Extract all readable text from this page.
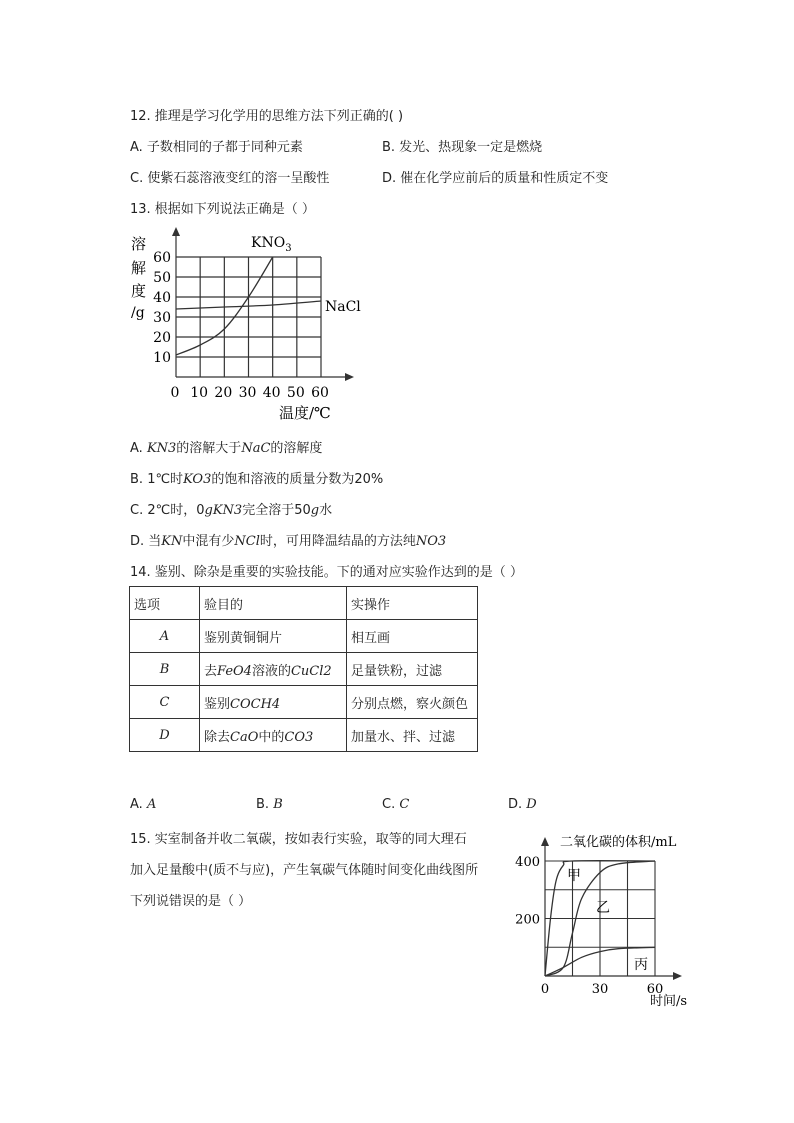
12. 推理是学习化学用的思维方法下列正确的( )
A. 子数相同的子都于同种元素	B. 发光、热现象一定是燃烧
C. 使紫石蕊溶液变红的溶一呈酸性	D. 催在化学应前后的质量和性质定不变
13. 根据如下列说法正确是（ ）
溶
解
度
/g
60
50
40
30
20
10
0 10 20 30 40 50 60
$KNO_3$
NaCl
温度/℃
A. KN3的溶解大于NaC的溶解度
B. 1℃时KO3的饱和溶液的质量分数为20%
C. 2℃时，0gKN3完全溶于50g水
D. 当KN中混有少NCl时，可用降温结晶的方法纯NO3
14. 鉴别、除杂是重要的实验技能。下的通对应实验作达到的是（ ）
选项	验目的	实操作
A	鉴别黄铜铜片	相互画
B	去FeO4溶液的CuCl2	足量铁粉，过滤
C	鉴别COCH4	分别点燃，察火颜色
D	除去CaO中的CO3	加量水、拌、过滤
A. A	B. B	C. C	D. D
15. 实室制备并收二氧碳，按如表行实验，取等的同大理石
加入足量酸中(质不与应)，产生氧碳气体随时间变化曲线图所
下列说错误的是（ ）
二氧化碳的体积/mL
400
200
0	30	60
甲
乙
丙
时间/s
